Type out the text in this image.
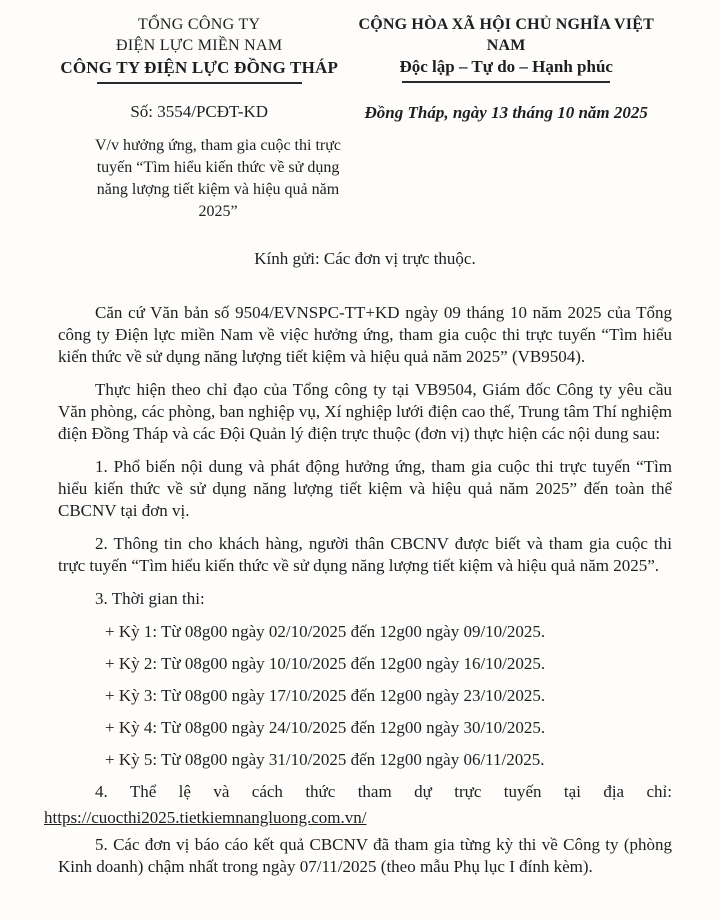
TỔNG CÔNG TY
ĐIỆN LỰC MIỀN NAM
CÔNG TY ĐIỆN LỰC ĐỒNG THÁP
Số: 3554/PCĐT-KD
CỘNG HÒA XÃ HỘI CHỦ NGHĨA VIỆT NAM
Độc lập – Tự do – Hạnh phúc
Đồng Tháp, ngày 13 tháng 10 năm 2025
V/v hưởng ứng, tham gia cuộc thi trực tuyến “Tìm hiểu kiến thức về sử dụng năng lượng tiết kiệm và hiệu quả năm 2025”
Kính gửi: Các đơn vị trực thuộc.

Căn cứ Văn bản số 9504/EVNSPC-TT+KD ngày 09 tháng 10 năm 2025 của Tổng công ty Điện lực miền Nam về việc hưởng ứng, tham gia cuộc thi trực tuyến “Tìm hiểu kiến thức về sử dụng năng lượng tiết kiệm và hiệu quả năm 2025” (VB9504).

Thực hiện theo chỉ đạo của Tổng công ty tại VB9504, Giám đốc Công ty yêu cầu Văn phòng, các phòng, ban nghiệp vụ, Xí nghiệp lưới điện cao thế, Trung tâm Thí nghiệm điện Đồng Tháp và các Đội Quản lý điện trực thuộc (đơn vị) thực hiện các nội dung sau:

1. Phổ biến nội dung và phát động hưởng ứng, tham gia cuộc thi trực tuyến “Tìm hiểu kiến thức về sử dụng năng lượng tiết kiệm và hiệu quả năm 2025” đến toàn thể CBCNV tại đơn vị.

2. Thông tin cho khách hàng, người thân CBCNV được biết và tham gia cuộc thi trực tuyến “Tìm hiểu kiến thức về sử dụng năng lượng tiết kiệm và hiệu quả năm 2025”.

3. Thời gian thi:
+ Kỳ 1: Từ 08g00 ngày 02/10/2025 đến 12g00 ngày 09/10/2025.
+ Kỳ 2: Từ 08g00 ngày 10/10/2025 đến 12g00 ngày 16/10/2025.
+ Kỳ 3: Từ 08g00 ngày 17/10/2025 đến 12g00 ngày 23/10/2025.
+ Kỳ 4: Từ 08g00 ngày 24/10/2025 đến 12g00 ngày 30/10/2025.
+ Kỳ 5: Từ 08g00 ngày 31/10/2025 đến 12g00 ngày 06/11/2025.

4. Thể lệ và cách thức tham dự trực tuyến tại địa chỉ:

https://cuocthi2025.tietkiemnangluong.com.vn/

5. Các đơn vị báo cáo kết quả CBCNV đã tham gia từng kỳ thi về Công ty (phòng Kinh doanh) chậm nhất trong ngày 07/11/2025 (theo mẫu Phụ lục I đính kèm).
